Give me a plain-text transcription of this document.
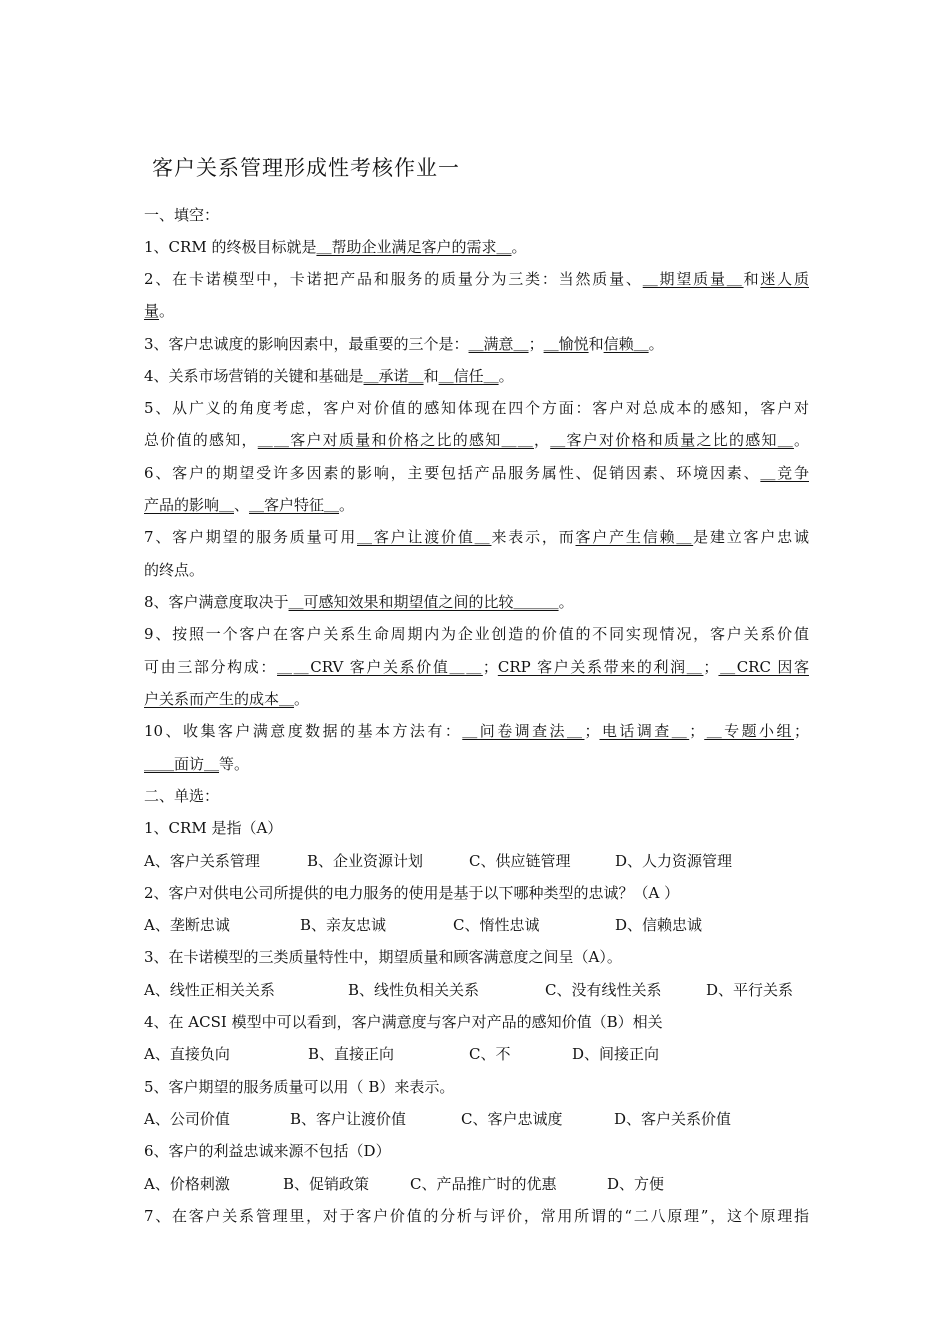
客户关系管理形成性考核作业一
一、填空：
1、CRM 的终极目标就是＿帮助企业满足客户的需求＿。
2、在卡诺模型中，卡诺把产品和服务的质量分为三类：当然质量、＿期望质量＿和迷人质
量。
3、客户忠诚度的影响因素中，最重要的三个是：＿满意＿；＿愉悦和信赖＿。
4、关系市场营销的关键和基础是＿承诺＿和＿信任＿。
5、从广义的角度考虑，客户对价值的感知体现在四个方面：客户对总成本的感知，客户对
总价值的感知，＿＿客户对质量和价格之比的感知＿＿，＿客户对价格和质量之比的感知＿。
6、客户的期望受许多因素的影响，主要包括产品服务属性、促销因素、环境因素、＿竞争
产品的影响＿、＿客户特征＿。
7、客户期望的服务质量可用＿客户让渡价值＿来表示，而客户产生信赖＿是建立客户忠诚
的终点。
8、客户满意度取决于＿可感知效果和期望值之间的比较＿＿＿。
9、按照一个客户在客户关系生命周期内为企业创造的价值的不同实现情况，客户关系价值
可由三部分构成：＿＿CRV 客户关系价值＿＿；CRP 客户关系带来的利润＿；＿CRC 因客
户关系而产生的成本＿。
10、收集客户满意度数据的基本方法有：＿问卷调查法＿；电话调查＿；＿专题小组；
＿＿面访＿等。
二、单选：
1、CRM 是指（A）
A、客户关系管理	B、企业资源计划	C、供应链管理	D、人力资源管理
2、客户对供电公司所提供的电力服务的使用是基于以下哪种类型的忠诚？（A ）
A、垄断忠诚	B、亲友忠诚	C、惰性忠诚	D、信赖忠诚
3、在卡诺模型的三类质量特性中，期望质量和顾客满意度之间呈（A）。
A、线性正相关关系	B、线性负相关关系	C、没有线性关系	D、平行关系
4、在 ACSI 模型中可以看到，客户满意度与客户对产品的感知价值（B）相关
A、直接负向	B、直接正向	C、不	D、间接正向
5、客户期望的服务质量可以用（ B）来表示。
A、公司价值	B、客户让渡价值	C、客户忠诚度	D、客户关系价值
6、客户的利益忠诚来源不包括（D）
A、价格刺激	B、促销政策	C、产品推广时的优惠	D、方便
7、在客户关系管理里，对于客户价值的分析与评价，常用所谓的“二八原理”，这个原理指
